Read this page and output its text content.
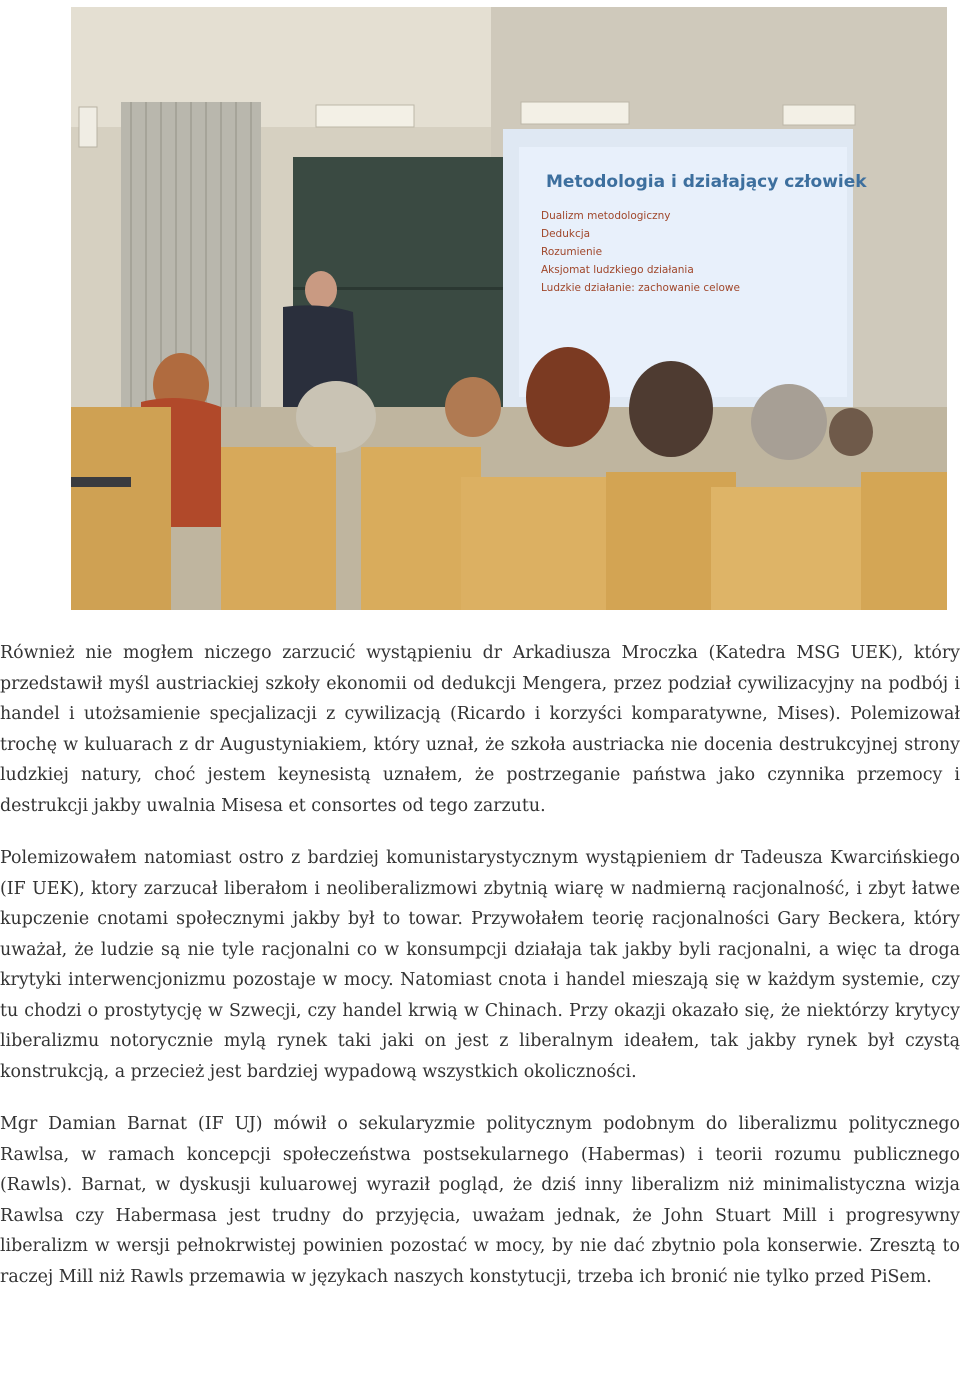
Metodologia i działający człowiek
Dualizm metodologiczny
Dedukcja
Rozumienie
Aksjomat ludzkiego działania
Ludzkie działanie: zachowanie celowe

Również nie mogłem niczego zarzucić wystąpieniu dr Arkadiusza Mroczka (Katedra MSG UEK), który przedstawił myśl austriackiej szkoły ekonomii od dedukcji Mengera, przez podział cywilizacyjny na podbój i handel i utożsamienie specjalizacji z cywilizacją (Ricardo i korzyści komparatywne, Mises). Polemizował trochę w kuluarach z dr Augustyniakiem, który uznał, że szkoła austriacka nie docenia destrukcyjnej strony ludzkiej natury, choć jestem keynesistą uznałem, że postrzeganie państwa jako czynnika przemocy i destrukcji jakby uwalnia Misesa et consortes od tego zarzutu.

Polemizowałem natomiast ostro z bardziej komunistarystycznym wystąpieniem dr Tadeusza Kwarcińskiego (IF UEK), ktory zarzucał liberałom i neoliberalizmowi zbytnią wiarę w nadmierną racjonalność, i zbyt łatwe kupczenie cnotami społecznymi jakby był to towar. Przywołałem teorię racjonalności Gary Beckera, który uważał, że ludzie są nie tyle racjonalni co w konsumpcji działaja tak jakby byli racjonalni, a więc ta droga krytyki interwencjonizmu pozostaje w mocy. Natomiast cnota i handel mieszają się w każdym systemie, czy tu chodzi o prostytycję w Szwecji, czy handel krwią w Chinach. Przy okazji okazało się, że niektórzy krytycy liberalizmu notorycznie mylą rynek taki jaki on jest z liberalnym ideałem, tak jakby rynek był czystą konstrukcją, a przecież jest bardziej wypadową wszystkich okoliczności.

Mgr Damian Barnat (IF UJ) mówił o sekularyzmie politycznym podobnym do liberalizmu politycznego Rawlsa, w ramach koncepcji społeczeństwa postsekularnego (Habermas) i teorii rozumu publicznego (Rawls). Barnat, w dyskusji kuluarowej wyraził pogląd, że dziś inny liberalizm niż minimalistyczna wizja Rawlsa czy Habermasa jest trudny do przyjęcia, uważam jednak, że John Stuart Mill i progresywny liberalizm w wersji pełnokrwistej powinien pozostać w mocy, by nie dać zbytnio pola konserwie. Zresztą to raczej Mill niż Rawls przemawia w językach naszych konstytucji, trzeba ich bronić nie tylko przed PiSem.
